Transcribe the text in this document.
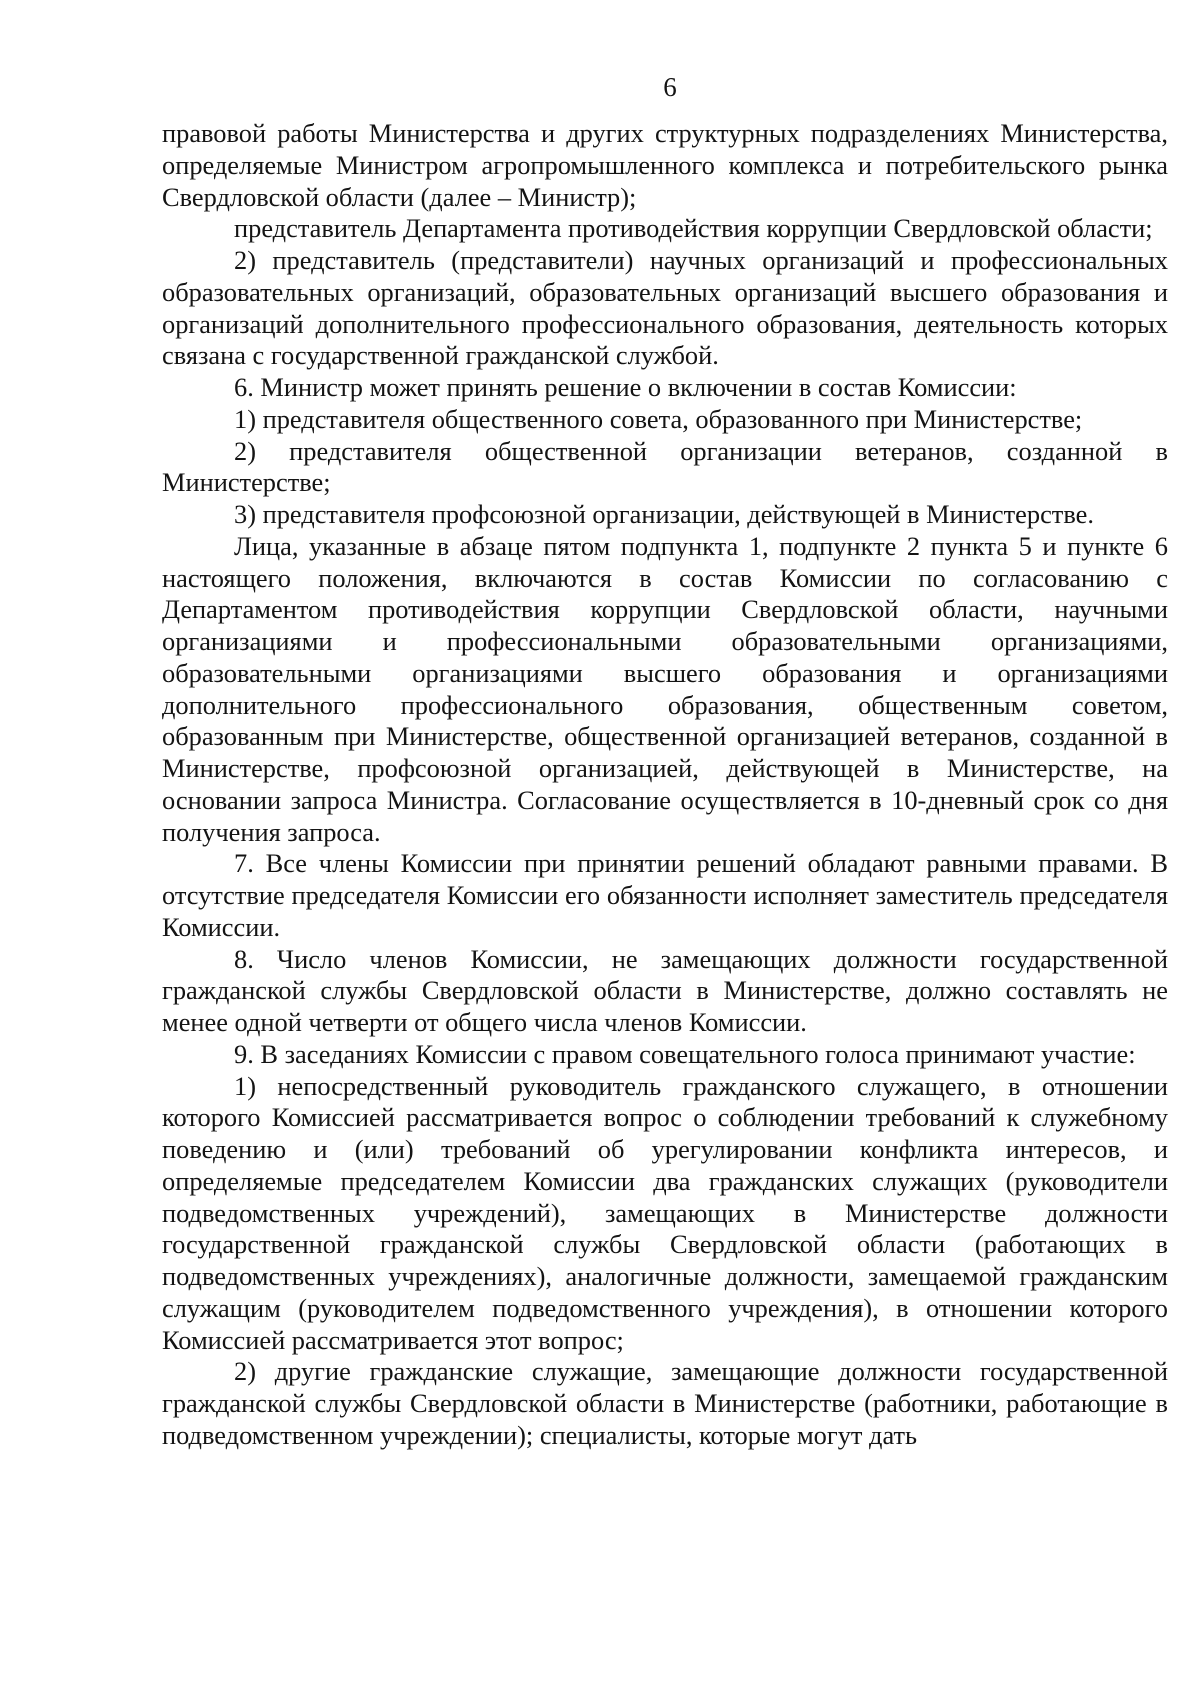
6

правовой работы Министерства и других структурных подразделениях Министерства, определяемые Министром агропромышленного комплекса и потребительского рынка Свердловской области (далее – Министр);

представитель Департамента противодействия коррупции Свердловской области;

2) представитель (представители) научных организаций и профессиональных образовательных организаций, образовательных организаций высшего образования и организаций дополнительного профессионального образования, деятельность которых связана с государственной гражданской службой.

6. Министр может принять решение о включении в состав Комиссии:

1) представителя общественного совета, образованного при Министерстве;

2) представителя общественной организации ветеранов, созданной в Министерстве;

3) представителя профсоюзной организации, действующей в Министерстве.

Лица, указанные в абзаце пятом подпункта 1, подпункте 2 пункта 5 и пункте 6 настоящего положения, включаются в состав Комиссии по согласованию с Департаментом противодействия коррупции Свердловской области, научными организациями и профессиональными образовательными организациями, образовательными организациями высшего образования и организациями дополнительного профессионального образования, общественным советом, образованным при Министерстве, общественной организацией ветеранов, созданной в Министерстве, профсоюзной организацией, действующей в Министерстве, на основании запроса Министра. Согласование осуществляется в 10-дневный срок со дня получения запроса.

7. Все члены Комиссии при принятии решений обладают равными правами. В отсутствие председателя Комиссии его обязанности исполняет заместитель председателя Комиссии.

8. Число членов Комиссии, не замещающих должности государственной гражданской службы Свердловской области в Министерстве, должно составлять не менее одной четверти от общего числа членов Комиссии.

9. В заседаниях Комиссии с правом совещательного голоса принимают участие:

1) непосредственный руководитель гражданского служащего, в отношении которого Комиссией рассматривается вопрос о соблюдении требований к служебному поведению и (или) требований об урегулировании конфликта интересов, и определяемые председателем Комиссии два гражданских служащих (руководители подведомственных учреждений), замещающих в Министерстве должности государственной гражданской службы Свердловской области (работающих в подведомственных учреждениях), аналогичные должности, замещаемой гражданским служащим (руководителем подведомственного учреждения), в отношении которого Комиссией рассматривается этот вопрос;

2) другие гражданские служащие, замещающие должности государственной гражданской службы Свердловской области в Министерстве (работники, работающие в подведомственном учреждении); специалисты, которые могут дать
